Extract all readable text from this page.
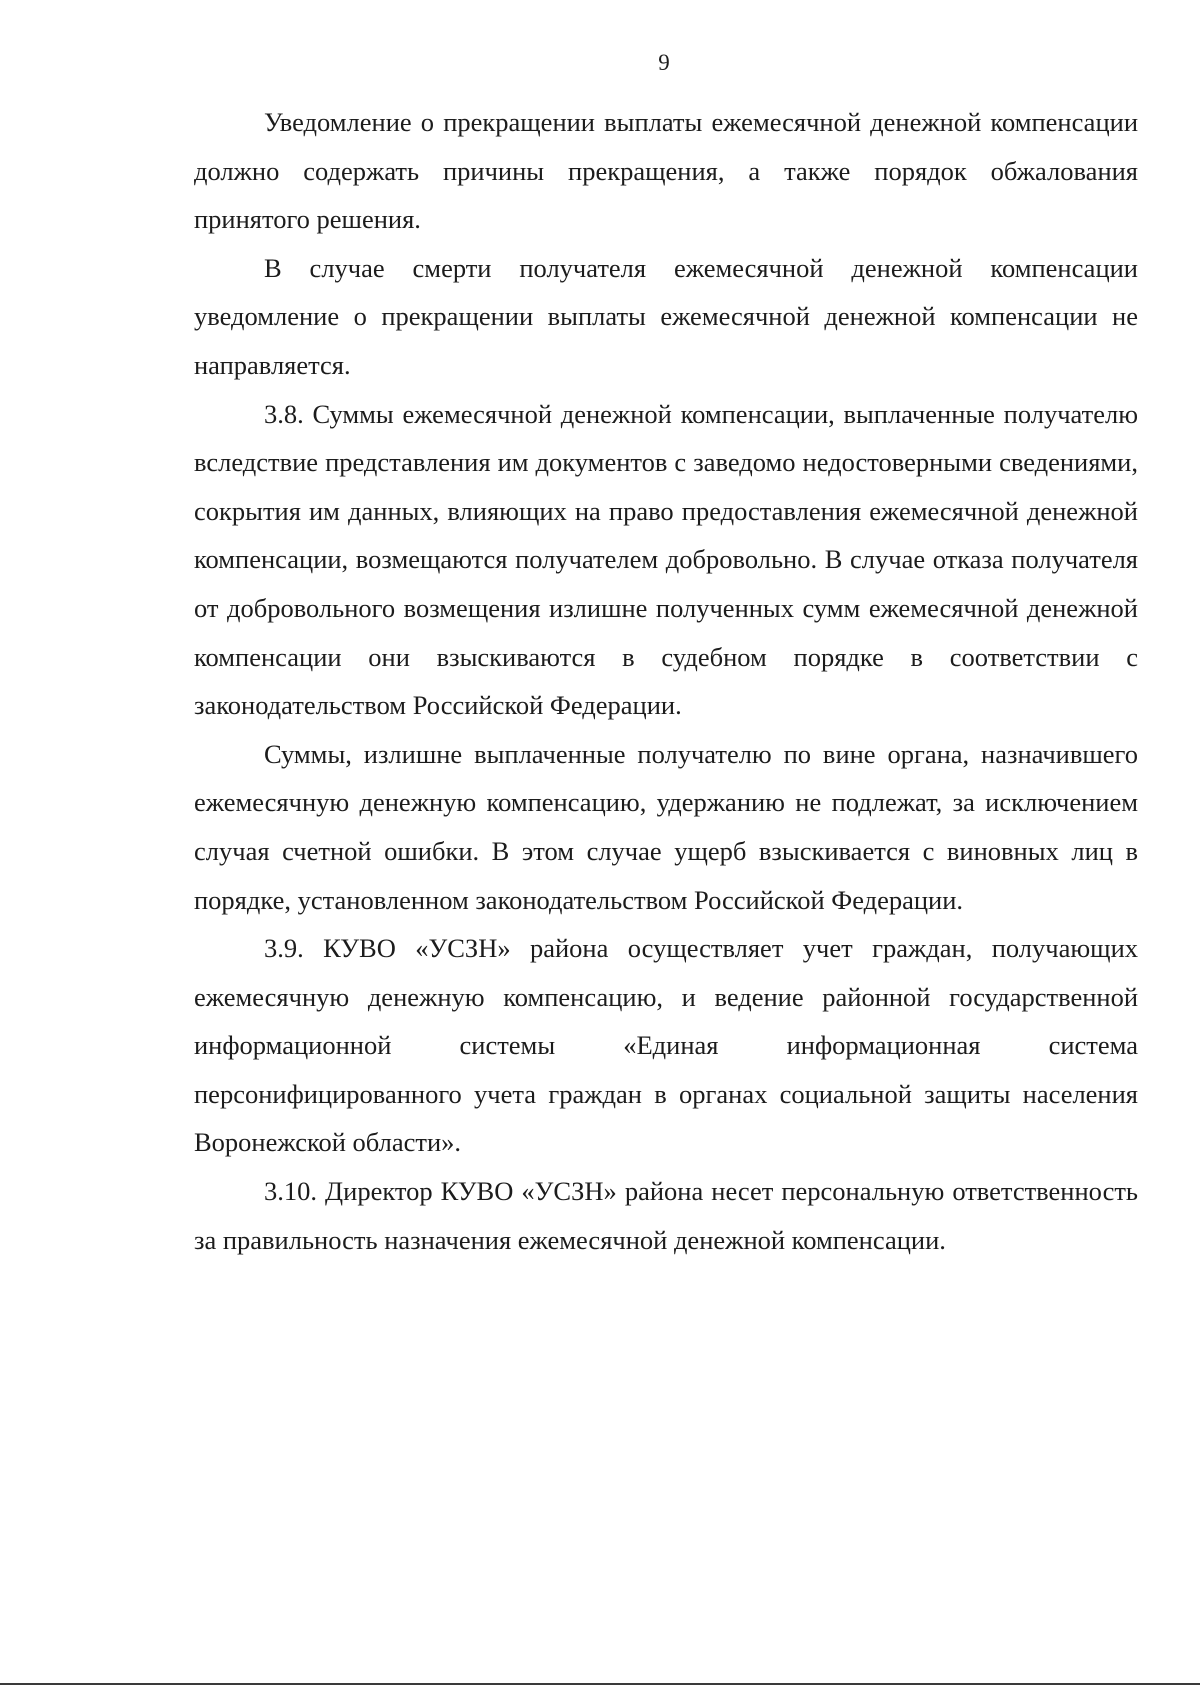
9

Уведомление о прекращении выплаты ежемесячной денежной компенсации должно содержать причины прекращения, а также порядок обжалования принятого решения.

В случае смерти получателя ежемесячной денежной компенсации уведомление о прекращении выплаты ежемесячной денежной компенсации не направляется.

3.8. Суммы ежемесячной денежной компенсации, выплаченные получателю вследствие представления им документов с заведомо недостоверными сведениями, сокрытия им данных, влияющих на право предоставления ежемесячной денежной компенсации, возмещаются получателем добровольно. В случае отказа получателя от добровольного возмещения излишне полученных сумм ежемесячной денежной компенсации они взыскиваются в судебном порядке в соответствии с законодательством Российской Федерации.

Суммы, излишне выплаченные получателю по вине органа, назначившего ежемесячную денежную компенсацию, удержанию не подлежат, за исключением случая счетной ошибки. В этом случае ущерб взыскивается с виновных лиц в порядке, установленном законодательством Российской Федерации.

3.9. КУВО «УСЗН» района осуществляет учет граждан, получающих ежемесячную денежную компенсацию, и ведение районной государственной информационной системы «Единая информационная система персонифицированного учета граждан в органах социальной защиты населения Воронежской области».

3.10. Директор КУВО «УСЗН» района несет персональную ответственность за правильность назначения ежемесячной денежной компенсации.
